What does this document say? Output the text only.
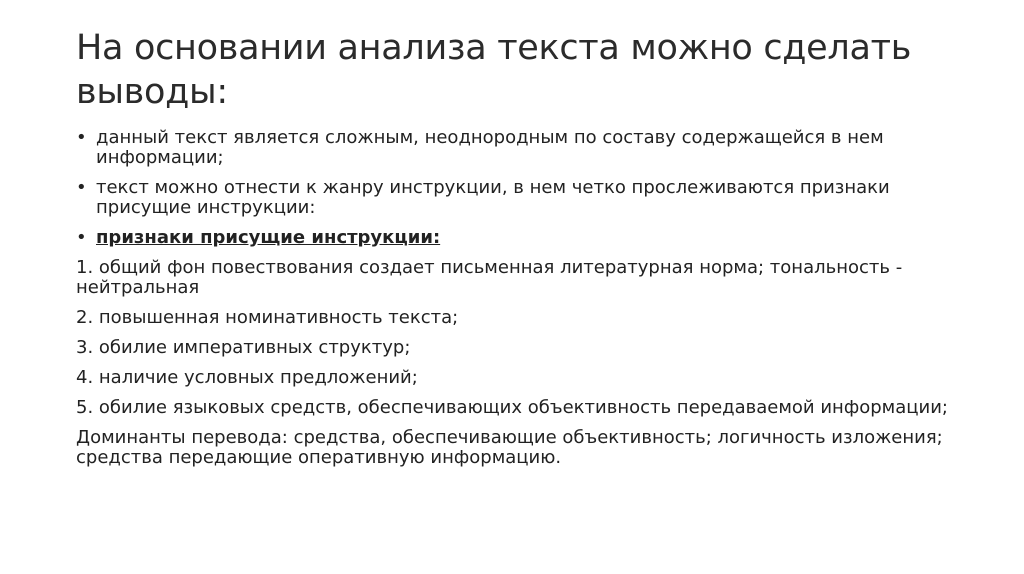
На основании анализа текста можно сделать выводы:
• данный текст является сложным, неоднородным по составу содержащейся в нем информации;
• текст можно отнести к жанру инструкции, в нем четко прослеживаются признаки присущие инструкции:
• признаки присущие инструкции:
1. общий фон повествования создает письменная литературная норма; тональность - нейтральная
2. повышенная номинативность текста;
3. обилие императивных структур;
4. наличие условных предложений;
5. обилие языковых средств, обеспечивающих объективность передаваемой информации;
Доминанты перевода: средства, обеспечивающие объективность; логичность изложения; средства передающие оперативную информацию.
